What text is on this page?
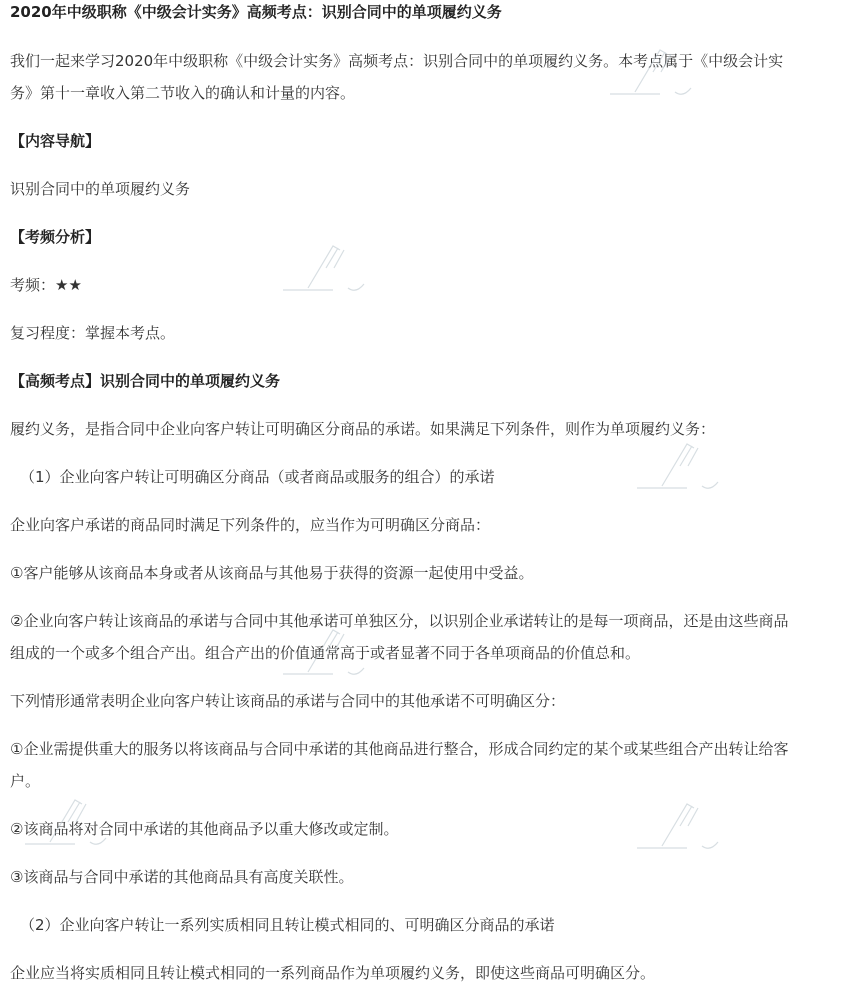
2020年中级职称《中级会计实务》高频考点：识别合同中的单项履约义务
我们一起来学习2020年中级职称《中级会计实务》高频考点：识别合同中的单项履约义务。本考点属于《中级会计实
务》第十一章收入第二节收入的确认和计量的内容。
【内容导航】
识别合同中的单项履约义务
【考频分析】
考频：★★
复习程度：掌握本考点。
【高频考点】识别合同中的单项履约义务
履约义务，是指合同中企业向客户转让可明确区分商品的承诺。如果满足下列条件，则作为单项履约义务：
（1）企业向客户转让可明确区分商品（或者商品或服务的组合）的承诺
企业向客户承诺的商品同时满足下列条件的，应当作为可明确区分商品：
①客户能够从该商品本身或者从该商品与其他易于获得的资源一起使用中受益。
②企业向客户转让该商品的承诺与合同中其他承诺可单独区分，以识别企业承诺转让的是每一项商品，还是由这些商品
组成的一个或多个组合产出。组合产出的价值通常高于或者显著不同于各单项商品的价值总和。
下列情形通常表明企业向客户转让该商品的承诺与合同中的其他承诺不可明确区分：
①企业需提供重大的服务以将该商品与合同中承诺的其他商品进行整合，形成合同约定的某个或某些组合产出转让给客
户。
②该商品将对合同中承诺的其他商品予以重大修改或定制。
③该商品与合同中承诺的其他商品具有高度关联性。
（2）企业向客户转让一系列实质相同且转让模式相同的、可明确区分商品的承诺
企业应当将实质相同且转让模式相同的一系列商品作为单项履约义务，即使这些商品可明确区分。
